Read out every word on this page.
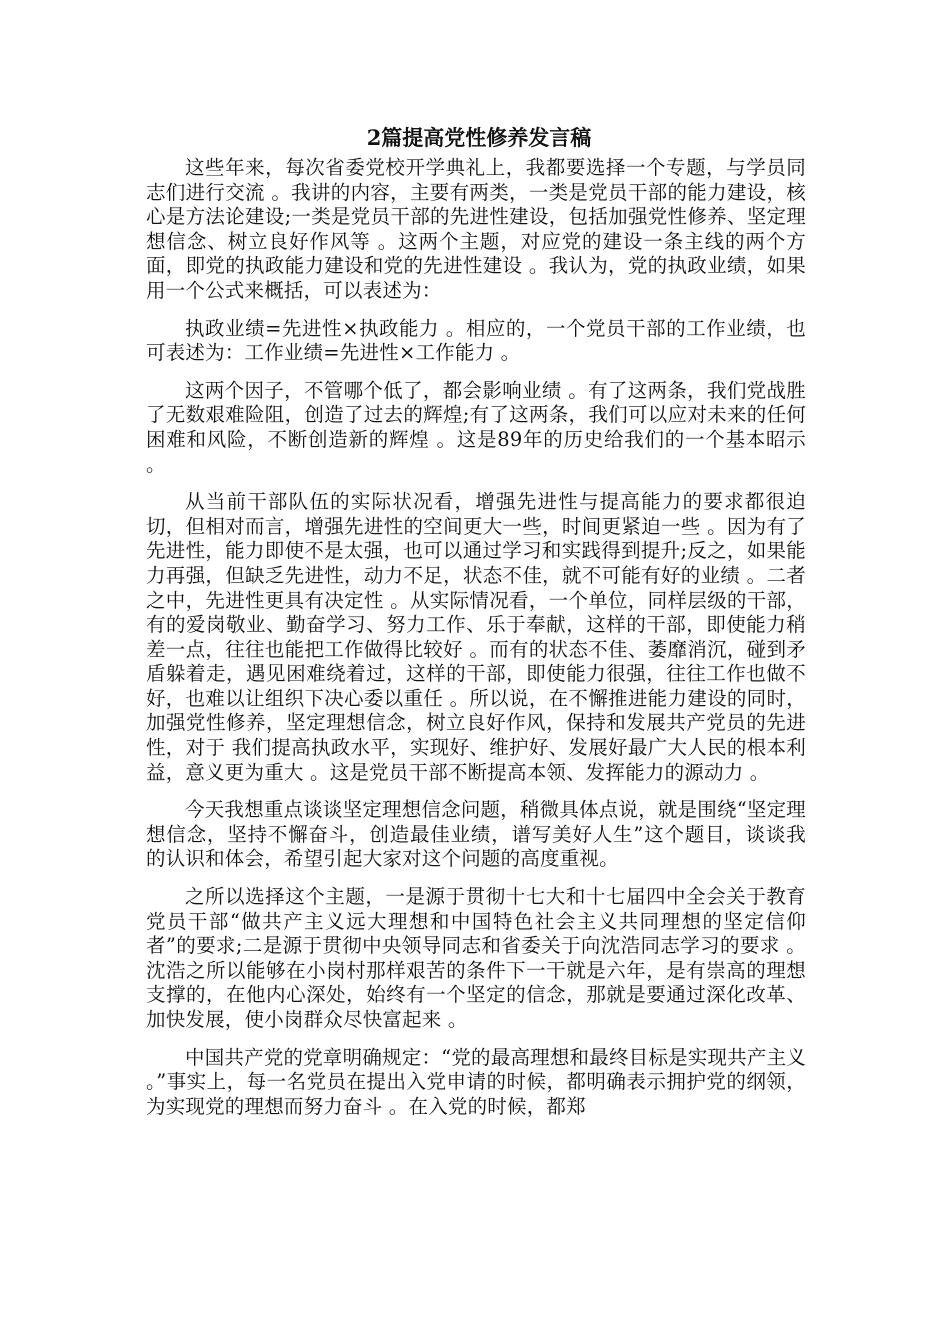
2篇提高党性修养发言稿

这些年来，每次省委党校开学典礼上，我都要选择一个专题，与学员同志们进行交流 。我讲的内容，主要有两类，一类是党员干部的能力建设，核心是方法论建设;一类是党员干部的先进性建设，包括加强党性修养、坚定理想信念、树立良好作风等 。这两个主题，对应党的建设一条主线的两个方面，即党的执政能力建设和党的先进性建设 。我认为，党的执政业绩，如果用一个公式来概括，可以表述为：

执政业绩=先进性×执政能力 。相应的，一个党员干部的工作业绩，也可表述为：工作业绩=先进性×工作能力 。

这两个因子，不管哪个低了，都会影响业绩 。有了这两条，我们党战胜了无数艰难险阻，创造了过去的辉煌;有了这两条，我们可以应对未来的任何困难和风险，不断创造新的辉煌 。这是89年的历史给我们的一个基本昭示 。

从当前干部队伍的实际状况看，增强先进性与提高能力的要求都很迫切，但相对而言，增强先进性的空间更大一些，时间更紧迫一些 。因为有了先进性，能力即使不是太强，也可以通过学习和实践得到提升;反之，如果能力再强，但缺乏先进性，动力不足，状态不佳，就不可能有好的业绩 。二者之中，先进性更具有决定性 。从实际情况看，一个单位，同样层级的干部，有的爱岗敬业、勤奋学习、努力工作、乐于奉献，这样的干部，即使能力稍差一点，往往也能把工作做得比较好 。而有的状态不佳、萎靡消沉，碰到矛盾躲着走，遇见困难绕着过，这样的干部，即使能力很强，往往工作也做不好，也难以让组织下决心委以重任 。所以说，在不懈推进能力建设的同时，加强党性修养，坚定理想信念，树立良好作风，保持和发展共产党员的先进性，对于 我们提高执政水平，实现好、维护好、发展好最广大人民的根本利益，意义更为重大 。这是党员干部不断提高本领、发挥能力的源动力 。

今天我想重点谈谈坚定理想信念问题，稍微具体点说，就是围绕“坚定理想信念，坚持不懈奋斗，创造最佳业绩，谱写美好人生”这个题目，谈谈我的认识和体会，希望引起大家对这个问题的高度重视。

之所以选择这个主题，一是源于贯彻十七大和十七届四中全会关于教育党员干部“做共产主义远大理想和中国特色社会主义共同理想的坚定信仰者”的要求;二是源于贯彻中央领导同志和省委关于向沈浩同志学习的要求 。沈浩之所以能够在小岗村那样艰苦的条件下一干就是六年，是有崇高的理想支撑的，在他内心深处，始终有一个坚定的信念，那就是要通过深化改革、加快发展，使小岗群众尽快富起来 。

中国共产党的党章明确规定：“党的最高理想和最终目标是实现共产主义 。”事实上，每一名党员在提出入党申请的时候，都明确表示拥护党的纲领，为实现党的理想而努力奋斗 。在入党的时候，都郑
